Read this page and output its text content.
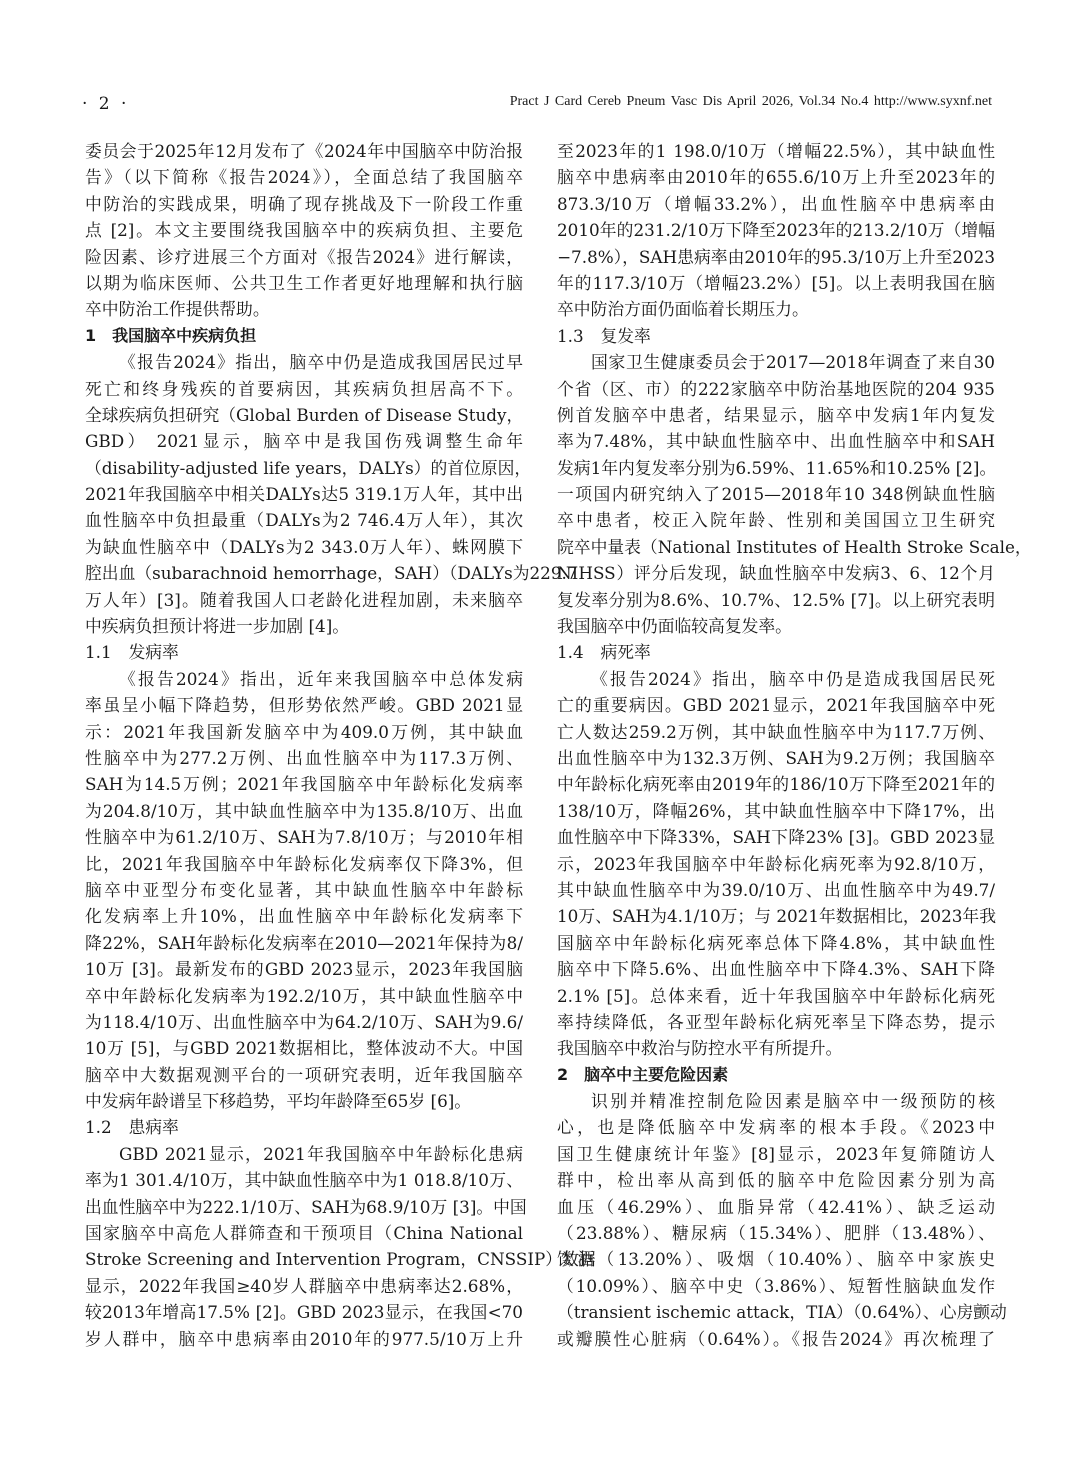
· 2 ·	Pract J Card Cereb Pneum Vasc Dis April 2026, Vol.34 No.4 http://www.syxnf.net
委员会于2025年12月发布了《2024年中国脑卒中防治报
告》（以下简称《报告2024》），全面总结了我国脑卒
中防治的实践成果，明确了现存挑战及下一阶段工作重
点 [2]。本文主要围绕我国脑卒中的疾病负担、主要危
险因素、诊疗进展三个方面对《报告2024》进行解读，
以期为临床医师、公共卫生工作者更好地理解和执行脑
卒中防治工作提供帮助。
1　我国脑卒中疾病负担
《报告2024》指出，脑卒中仍是造成我国居民过早
死亡和终身残疾的首要病因，其疾病负担居高不下。
全球疾病负担研究（Global Burden of Disease Study，
GBD） 2021显示，脑卒中是我国伤残调整生命年
（disability-adjusted life years，DALYs）的首位原因，
2021年我国脑卒中相关DALYs达5 319.1万人年，其中出
血性脑卒中负担最重（DALYs为2 746.4万人年），其次
为缺血性脑卒中（DALYs为2 343.0万人年）、蛛网膜下
腔出血（subarachnoid hemorrhage，SAH）（DALYs为229.7
万人年）[3]。随着我国人口老龄化进程加剧，未来脑卒
中疾病负担预计将进一步加剧 [4]。
1.1　发病率
《报告2024》指出，近年来我国脑卒中总体发病
率虽呈小幅下降趋势，但形势依然严峻。GBD 2021显
示：2021年我国新发脑卒中为409.0万例，其中缺血
性脑卒中为277.2万例、出血性脑卒中为117.3万例、
SAH为14.5万例；2021年我国脑卒中年龄标化发病率
为204.8/10万，其中缺血性脑卒中为135.8/10万、出血
性脑卒中为61.2/10万、SAH为7.8/10万；与2010年相
比，2021年我国脑卒中年龄标化发病率仅下降3%，但
脑卒中亚型分布变化显著，其中缺血性脑卒中年龄标
化发病率上升10%，出血性脑卒中年龄标化发病率下
降22%，SAH年龄标化发病率在2010—2021年保持为8/
10万 [3]。最新发布的GBD 2023显示，2023年我国脑
卒中年龄标化发病率为192.2/10万，其中缺血性脑卒中
为118.4/10万、出血性脑卒中为64.2/10万、SAH为9.6/
10万 [5]，与GBD 2021数据相比，整体波动不大。中国
脑卒中大数据观测平台的一项研究表明，近年我国脑卒
中发病年龄谱呈下移趋势，平均年龄降至65岁 [6]。
1.2　患病率
GBD 2021显示，2021年我国脑卒中年龄标化患病
率为1 301.4/10万，其中缺血性脑卒中为1 018.8/10万、
出血性脑卒中为222.1/10万、SAH为68.9/10万 [3]。中国
国家脑卒中高危人群筛查和干预项目（China National
Stroke Screening and Intervention Program，CNSSIP）数据
显示，2022年我国≥40岁人群脑卒中患病率达2.68%，
较2013年增高17.5% [2]。GBD 2023显示，在我国<70
岁人群中，脑卒中患病率由2010年的977.5/10万上升
至2023年的1 198.0/10万（增幅22.5%），其中缺血性
脑卒中患病率由2010年的655.6/10万上升至2023年的
873.3/10万（增幅33.2%），出血性脑卒中患病率由
2010年的231.2/10万下降至2023年的213.2/10万（增幅
−7.8%），SAH患病率由2010年的95.3/10万上升至2023
年的117.3/10万（增幅23.2%）[5]。以上表明我国在脑
卒中防治方面仍面临着长期压力。
1.3　复发率
国家卫生健康委员会于2017—2018年调查了来自30
个省（区、市）的222家脑卒中防治基地医院的204 935
例首发脑卒中患者，结果显示，脑卒中发病1年内复发
率为7.48%，其中缺血性脑卒中、出血性脑卒中和SAH
发病1年内复发率分别为6.59%、11.65%和10.25% [2]。
一项国内研究纳入了2015—2018年10 348例缺血性脑
卒中患者，校正入院年龄、性别和美国国立卫生研究
院卒中量表（National Institutes of Health Stroke Scale，
NIHSS）评分后发现，缺血性脑卒中发病3、6、12个月
复发率分别为8.6%、10.7%、12.5% [7]。以上研究表明
我国脑卒中仍面临较高复发率。
1.4　病死率
《报告2024》指出，脑卒中仍是造成我国居民死
亡的重要病因。GBD 2021显示，2021年我国脑卒中死
亡人数达259.2万例，其中缺血性脑卒中为117.7万例、
出血性脑卒中为132.3万例、SAH为9.2万例；我国脑卒
中年龄标化病死率由2019年的186/10万下降至2021年的
138/10万，降幅26%，其中缺血性脑卒中下降17%，出
血性脑卒中下降33%，SAH下降23% [3]。GBD 2023显
示，2023年我国脑卒中年龄标化病死率为92.8/10万，
其中缺血性脑卒中为39.0/10万、出血性脑卒中为49.7/
10万、SAH为4.1/10万；与 2021年数据相比，2023年我
国脑卒中年龄标化病死率总体下降4.8%，其中缺血性
脑卒中下降5.6%、出血性脑卒中下降4.3%、SAH下降
2.1% [5]。总体来看，近十年我国脑卒中年龄标化病死
率持续降低，各亚型年龄标化病死率呈下降态势，提示
我国脑卒中救治与防控水平有所提升。
2　脑卒中主要危险因素
识别并精准控制危险因素是脑卒中一级预防的核
心，也是降低脑卒中发病率的根本手段。《2023中
国卫生健康统计年鉴》[8]显示，2023年复筛随访人
群中，检出率从高到低的脑卒中危险因素分别为高
血压（46.29%）、血脂异常（42.41%）、缺乏运动
（23.88%）、糖尿病（15.34%）、肥胖（13.48%）、
饮酒（13.20%）、吸烟（10.40%）、脑卒中家族史
（10.09%）、脑卒中史（3.86%）、短暂性脑缺血发作
（transient ischemic attack，TIA）（0.64%）、心房颤动
或瓣膜性心脏病（0.64%）。《报告2024》再次梳理了
